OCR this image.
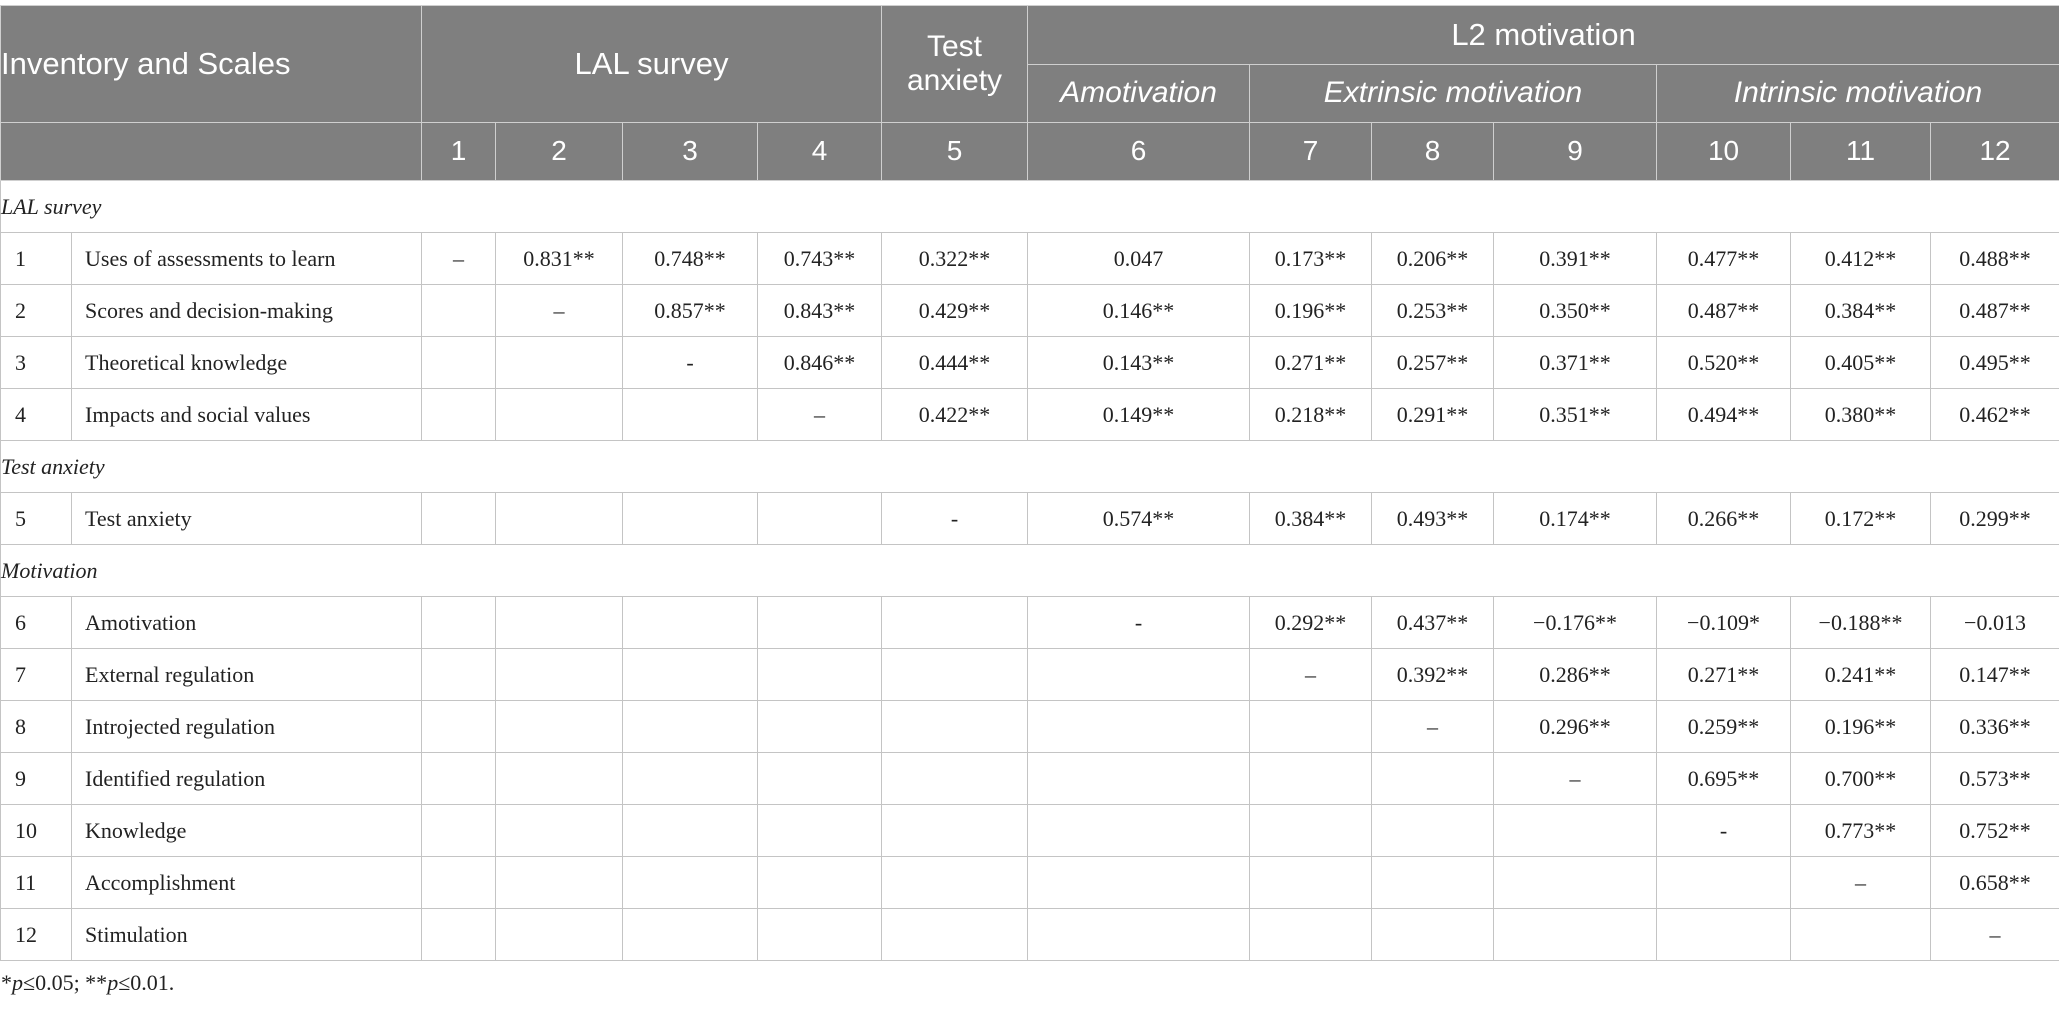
Inventory and Scales		LAL survey				Test anxiety	L2 motivation						
							Amotivation	Extrinsic motivation			Intrinsic motivation		
		1	2	3	4	5	6	7	8	9	10	11	12
LAL survey													
1	Uses of assessments to learn	–	0.831**	0.748**	0.743**	0.322**	0.047	0.173**	0.206**	0.391**	0.477**	0.412**	0.488**
2	Scores and decision-making		–	0.857**	0.843**	0.429**	0.146**	0.196**	0.253**	0.350**	0.487**	0.384**	0.487**
3	Theoretical knowledge			-	0.846**	0.444**	0.143**	0.271**	0.257**	0.371**	0.520**	0.405**	0.495**
4	Impacts and social values				–	0.422**	0.149**	0.218**	0.291**	0.351**	0.494**	0.380**	0.462**
Test anxiety													
5	Test anxiety					-	0.574**	0.384**	0.493**	0.174**	0.266**	0.172**	0.299**
Motivation													
6	Amotivation						-	0.292**	0.437**	−0.176**	−0.109*	−0.188**	−0.013
7	External regulation							–	0.392**	0.286**	0.271**	0.241**	0.147**
8	Introjected regulation								–	0.296**	0.259**	0.196**	0.336**
9	Identified regulation									–	0.695**	0.700**	0.573**
10	Knowledge										-	0.773**	0.752**
11	Accomplishment											–	0.658**
12	Stimulation												–
*p≤0.05; **p≤0.01.
